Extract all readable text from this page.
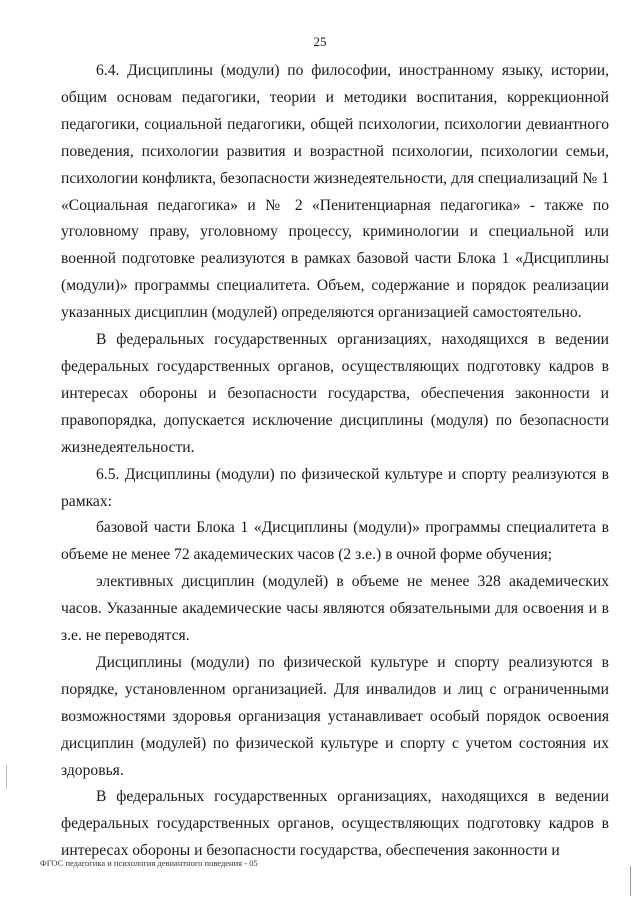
25

6.4. Дисциплины (модули) по философии, иностранному языку, истории, общим основам педагогики, теории и методики воспитания, коррекционной педагогики, социальной педагогики, общей психологии, психологии девиантного поведения, психологии развития и возрастной психологии, психологии семьи, психологии конфликта, безопасности жизнедеятельности, для специализаций № 1 «Социальная педагогика» и № 2 «Пенитенциарная педагогика» - также по уголовному праву, уголовному процессу, криминологии и специальной или военной подготовке реализуются в рамках базовой части Блока 1 «Дисциплины (модули)» программы специалитета. Объем, содержание и порядок реализации указанных дисциплин (модулей) определяются организацией самостоятельно.

В федеральных государственных организациях, находящихся в ведении федеральных государственных органов, осуществляющих подготовку кадров в интересах обороны и безопасности государства, обеспечения законности и правопорядка, допускается исключение дисциплины (модуля) по безопасности жизнедеятельности.

6.5. Дисциплины (модули) по физической культуре и спорту реализуются в рамках:

базовой части Блока 1 «Дисциплины (модули)» программы специалитета в объеме не менее 72 академических часов (2 з.е.) в очной форме обучения;

элективных дисциплин (модулей) в объеме не менее 328 академических часов. Указанные академические часы являются обязательными для освоения и в з.е. не переводятся.

Дисциплины (модули) по физической культуре и спорту реализуются в порядке, установленном организацией. Для инвалидов и лиц с ограниченными возможностями здоровья организация устанавливает особый порядок освоения дисциплин (модулей) по физической культуре и спорту с учетом состояния их здоровья.

В федеральных государственных организациях, находящихся в ведении федеральных государственных органов, осуществляющих подготовку кадров в интересах обороны и безопасности государства, обеспечения законности и

ФГОС педагогика и психология девиантного поведения - 05
